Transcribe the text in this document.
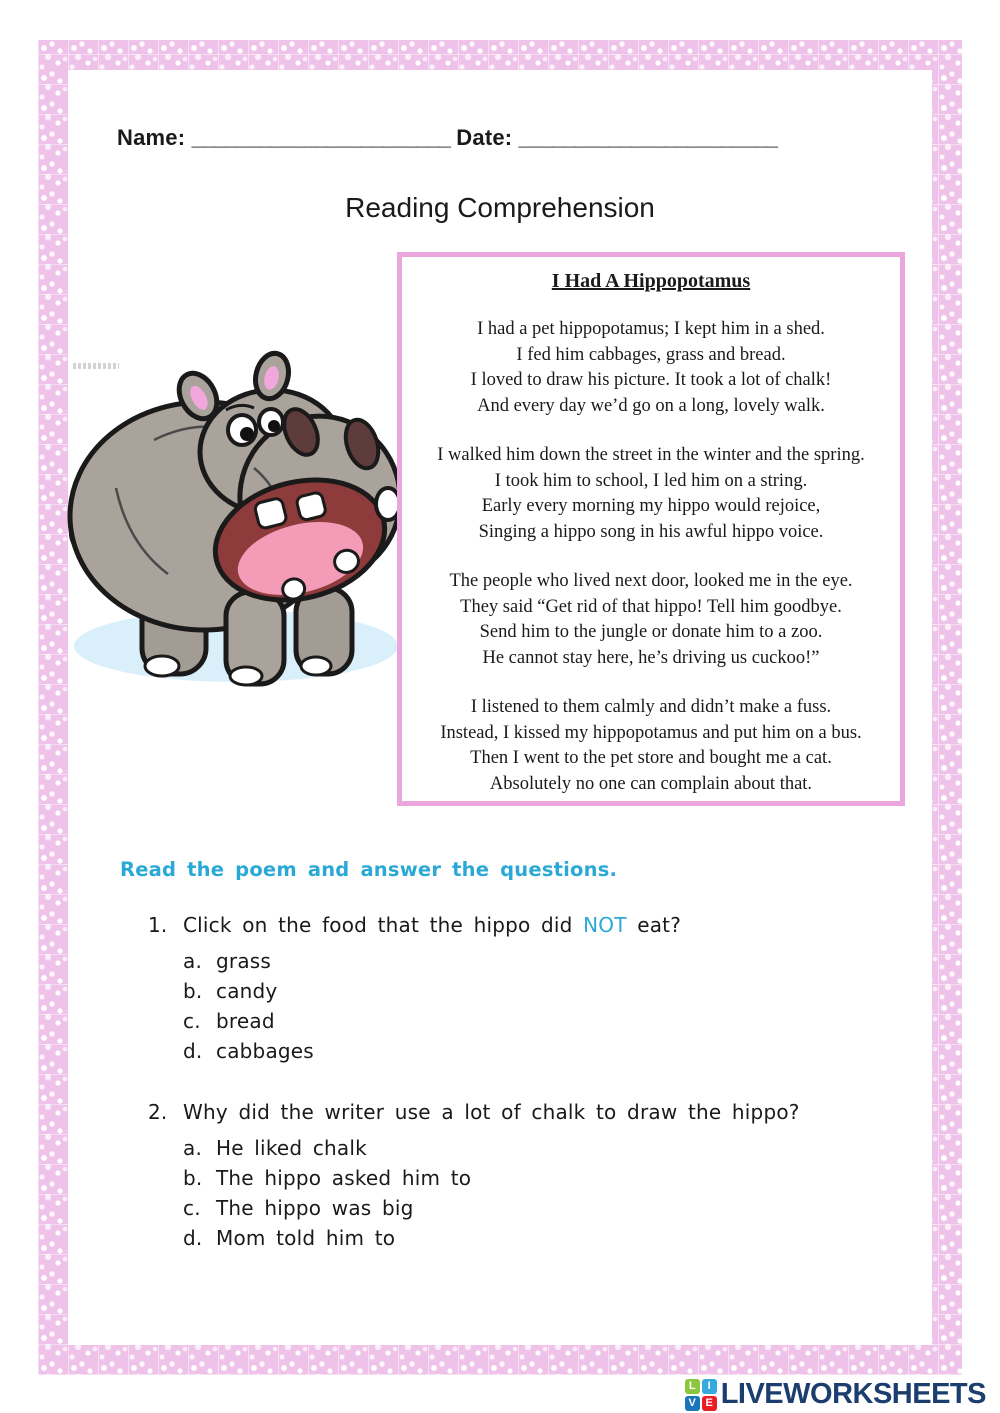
Name: _______________________ Date: _______________________
Reading Comprehension
I Had A Hippopotamus
I had a pet hippopotamus; I kept him in a shed.
I fed him cabbages, grass and bread.
I loved to draw his picture. It took a lot of chalk!
And every day we’d go on a long, lovely walk.
I walked him down the street in the winter and the spring.
I took him to school, I led him on a string.
Early every morning my hippo would rejoice,
Singing a hippo song in his awful hippo voice.
The people who lived next door, looked me in the eye.
They said “Get rid of that hippo! Tell him goodbye.
Send him to the jungle or donate him to a zoo.
He cannot stay here, he’s driving us cuckoo!”
I listened to them calmly and didn’t make a fuss.
Instead, I kissed my hippopotamus and put him on a bus.
Then I went to the pet store and bought me a cat.
Absolutely no one can complain about that.
Read the poem and answer the questions.
1. Click on the food that the hippo did NOT eat?
a. grass
b. candy
c. bread
d. cabbages
2. Why did the writer use a lot of chalk to draw the hippo?
a. He liked chalk
b. The hippo asked him to
c. The hippo was big
d. Mom told him to
L	I
V E LIVEWORKSHEETS
